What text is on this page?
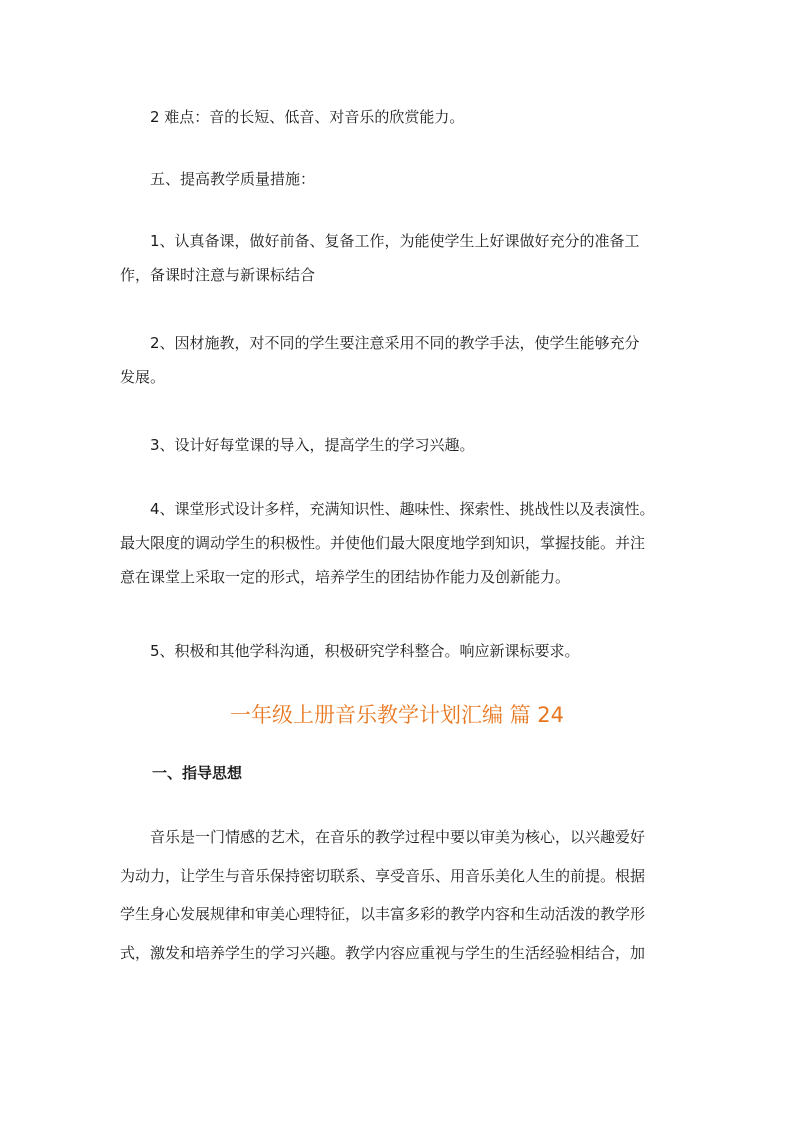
　　2 难点：音的长短、低音、对音乐的欣赏能力。

　　五、提高教学质量措施：

　　1、认真备课，做好前备、复备工作，为能使学生上好课做好充分的准备工
作，备课时注意与新课标结合

　　2、因材施教，对不同的学生要注意采用不同的教学手法，使学生能够充分
发展。

　　3、设计好每堂课的导入，提高学生的学习兴趣。

　　4、课堂形式设计多样，充满知识性、趣味性、探索性、挑战性以及表演性。
最大限度的调动学生的积极性。并使他们最大限度地学到知识，掌握技能。并注
意在课堂上采取一定的形式，培养学生的团结协作能力及创新能力。

　　5、积极和其他学科沟通，积极研究学科整合。响应新课标要求。

一年级上册音乐教学计划汇编 篇 24
一、指导思想

　　音乐是一门情感的艺术，在音乐的教学过程中要以审美为核心，以兴趣爱好
为动力，让学生与音乐保持密切联系、享受音乐、用音乐美化人生的前提。根据
学生身心发展规律和审美心理特征，以丰富多彩的教学内容和生动活泼的教学形
式，激发和培养学生的学习兴趣。教学内容应重视与学生的生活经验相结合，加
